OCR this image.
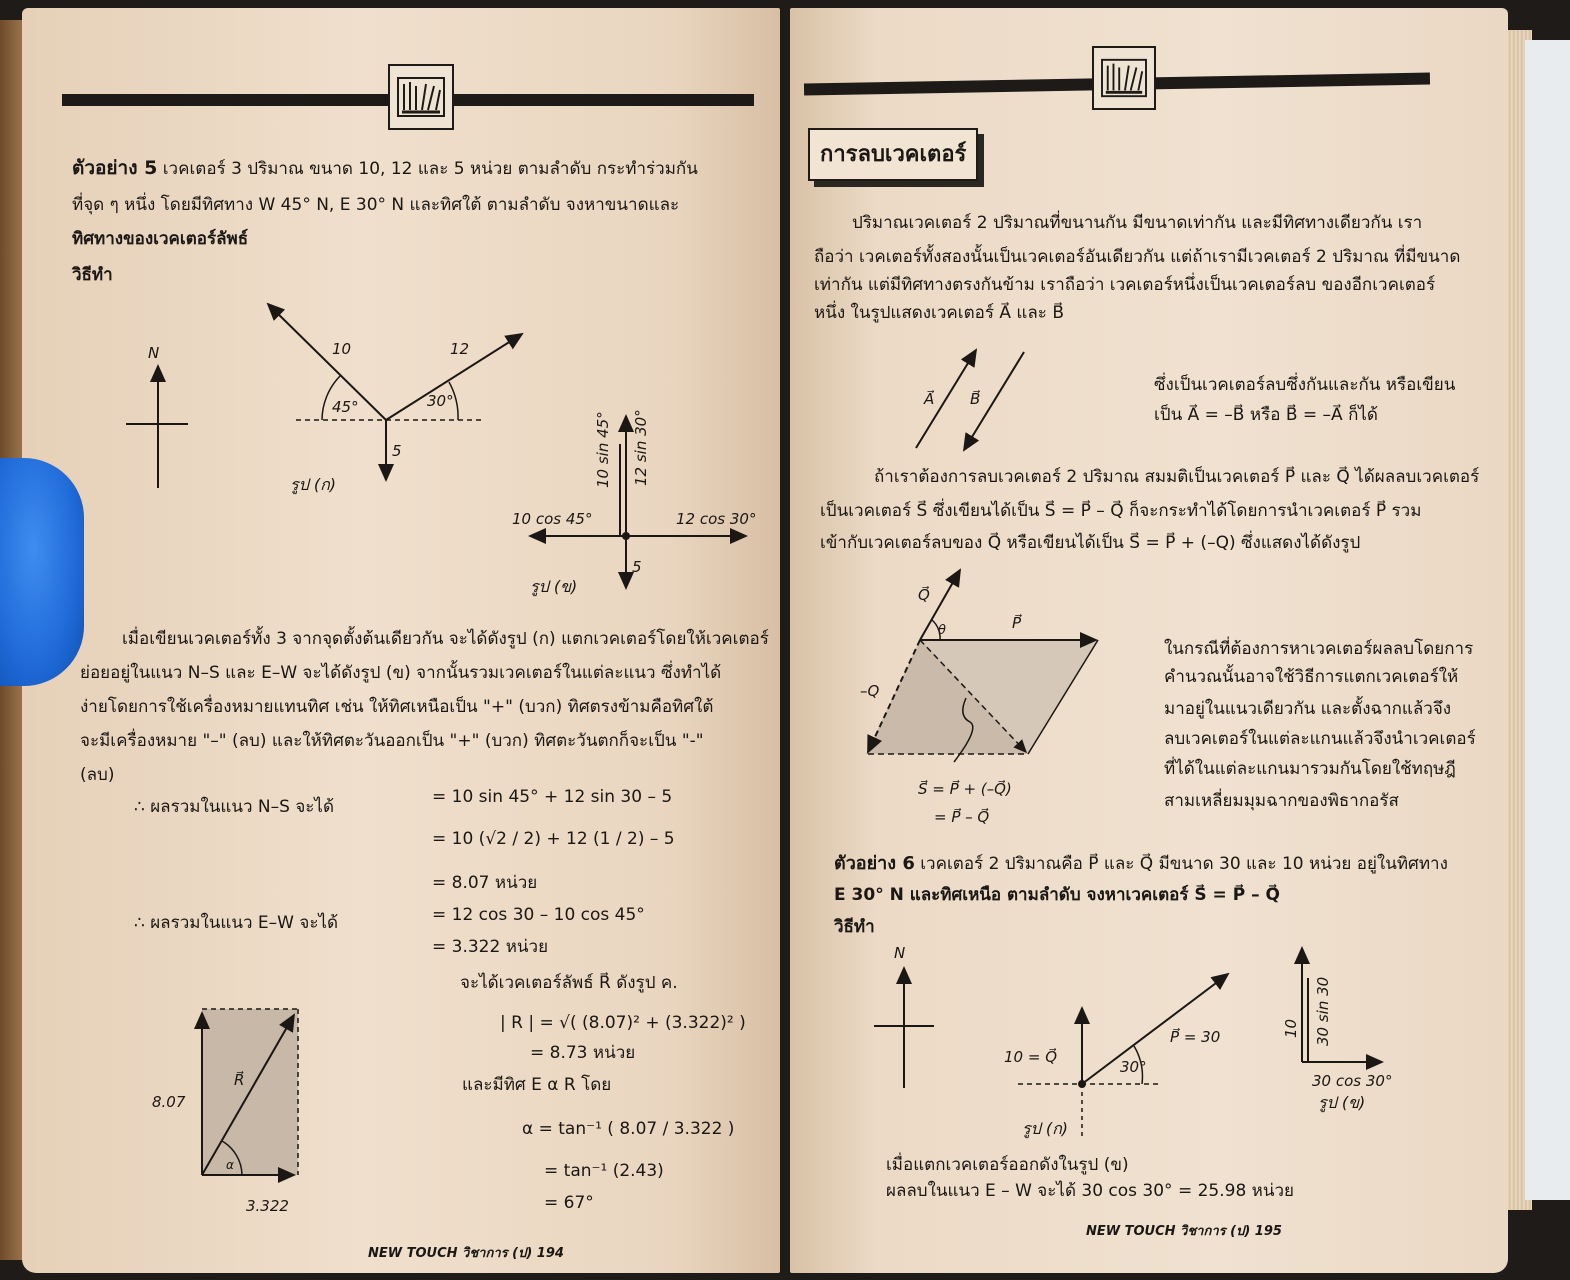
ตัวอย่าง 5 เวคเตอร์ 3 ปริมาณ ขนาด 10, 12 และ 5 หน่วย ตามลำดับ กระทำร่วมกัน
ที่จุด ๆ หนึ่ง โดยมีทิศทาง W 45° N, E 30° N และทิศใต้ ตามลำดับ จงหาขนาดและ
ทิศทางของเวคเตอร์ลัพธ์
วิธีทำ
N	10	12
45°	30°
5
รูป (ก)	10 sin 45° 12 sin 30°
10 cos 45°	12 cos 30°
5
รูป (ข)
เมื่อเขียนเวคเตอร์ทั้ง 3 จากจุดตั้งต้นเดียวกัน จะได้ดังรูป (ก) แตกเวคเตอร์โดยให้เวคเตอร์
ย่อยอยู่ในแนว N–S และ E–W จะได้ดังรูป (ข) จากนั้นรวมเวคเตอร์ในแต่ละแนว ซึ่งทำได้
ง่ายโดยการใช้เครื่องหมายแทนทิศ เช่น ให้ทิศเหนือเป็น "+" (บวก) ทิศตรงข้ามคือทิศใต้
จะมีเครื่องหมาย "–" (ลบ) และให้ทิศตะวันออกเป็น "+" (บวก) ทิศตะวันตกก็จะเป็น "-"
(ลบ)
∴ ผลรวมในแนว N–S จะได้	= 10 sin 45° + 12 sin 30 – 5
= 10 (√2 / 2) + 12 (1 / 2) – 5
= 8.07 หน่วย
∴ ผลรวมในแนว E–W จะได้	= 12 cos 30 – 10 cos 45°
= 3.322 หน่วย
จะได้เวคเตอร์ลัพธ์ R⃗ ดังรูป ค.
| R | = √( (8.07)² + (3.322)² )
= 8.73 หน่วย
และมีทิศ E α R โดย
α = tan⁻¹ ( 8.07 / 3.322 )
= tan⁻¹ (2.43)
= 67°
R⃗
8.07
3.322
α
NEW TOUCH วิชาการ (ป) 194
การลบเวคเตอร์
ปริมาณเวคเตอร์ 2 ปริมาณที่ขนานกัน มีขนาดเท่ากัน และมีทิศทางเดียวกัน เรา
ถือว่า เวคเตอร์ทั้งสองนั้นเป็นเวคเตอร์อันเดียวกัน แต่ถ้าเรามีเวคเตอร์ 2 ปริมาณ ที่มีขนาด
เท่ากัน แต่มีทิศทางตรงกันข้าม เราถือว่า เวคเตอร์หนึ่งเป็นเวคเตอร์ลบ ของอีกเวคเตอร์
หนึ่ง ในรูปแสดงเวคเตอร์ A⃗ และ B⃗
A⃗ B⃗
Q⃗
θ	P⃗
–Q
S⃗ = P⃗ + (–Q⃗)
= P⃗ – Q⃗
ซึ่งเป็นเวคเตอร์ลบซึ่งกันและกัน หรือเขียน
เป็น A⃗ = –B⃗ หรือ B⃗ = –A⃗ ก็ได้
ถ้าเราต้องการลบเวคเตอร์ 2 ปริมาณ สมมติเป็นเวคเตอร์ P⃗ และ Q⃗ ได้ผลลบเวคเตอร์
เป็นเวคเตอร์ S⃗ ซึ่งเขียนได้เป็น S⃗ = P⃗ – Q⃗ ก็จะกระทำได้โดยการนำเวคเตอร์ P⃗ รวม
เข้ากับเวคเตอร์ลบของ Q⃗ หรือเขียนได้เป็น S⃗ = P⃗ + (–Q) ซึ่งแสดงได้ดังรูป
ในกรณีที่ต้องการหาเวคเตอร์ผลลบโดยการ
คำนวณนั้นอาจใช้วิธีการแตกเวคเตอร์ให้
มาอยู่ในแนวเดียวกัน และตั้งฉากแล้วจึง
ลบเวคเตอร์ในแต่ละแกนแล้วจึงนำเวคเตอร์
ที่ได้ในแต่ละแกนมารวมกันโดยใช้ทฤษฎี
สามเหลี่ยมมุมฉากของพิธากอรัส
ตัวอย่าง 6 เวคเตอร์ 2 ปริมาณคือ P⃗ และ Q⃗ มีขนาด 30 และ 10 หน่วย อยู่ในทิศทาง
E 30° N และทิศเหนือ ตามลำดับ จงหาเวคเตอร์ S⃗ = P⃗ – Q⃗
วิธีทำ
N
10 = Q⃗
P⃗ = 30
30°
รูป (ก)
10 30 sin 30
30 cos 30°
รูป (ข)
เมื่อแตกเวคเตอร์ออกดังในรูป (ข)
ผลลบในแนว E – W จะได้ 30 cos 30° = 25.98 หน่วย
NEW TOUCH วิชาการ (ป) 195
